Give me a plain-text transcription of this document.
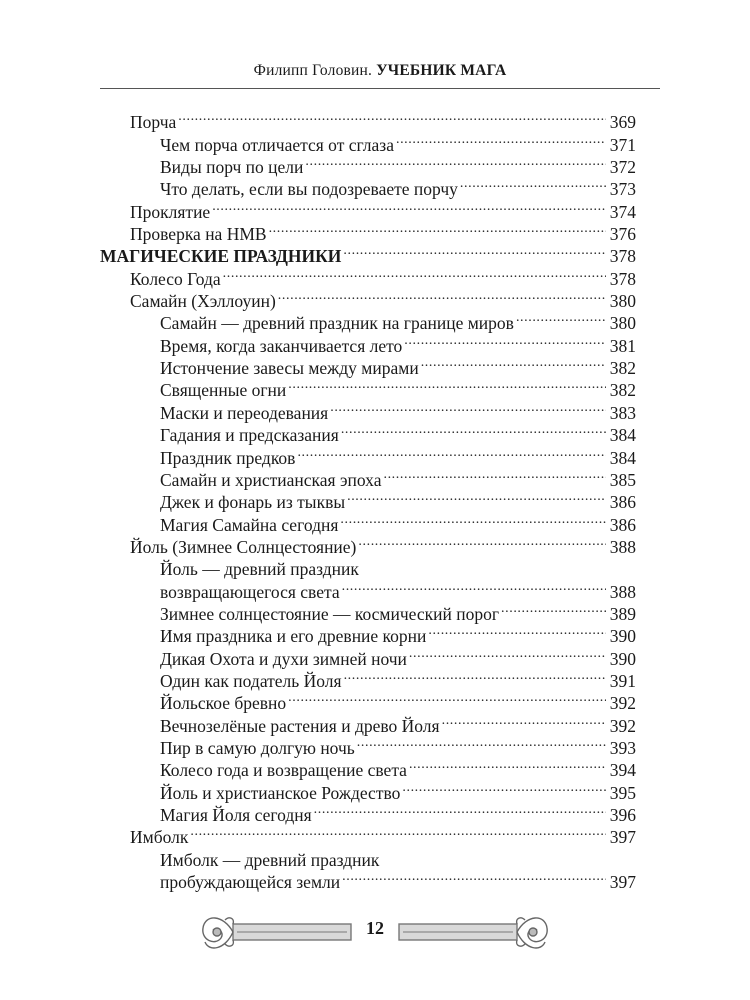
Филипп Головин. УЧЕБНИК МАГА
Порча .....	369
Чем порча отличается от сглаза .....	371
Виды порч по цели .....	372
Что делать, если вы подозреваете порчу .....	373
Проклятие .....	374
Проверка на НМВ .....	376
МАГИЧЕСКИЕ ПРАЗДНИКИ .....	378
Колесо Года .....	378
Самайн (Хэллоуин) .....	380
Самайн — древний праздник на границе миров .....	380
Время, когда заканчивается лето .....	381
Истончение завесы между мирами .....	382
Священные огни .....	382
Маски и переодевания .....	383
Гадания и предсказания .....	384
Праздник предков .....	384
Самайн и христианская эпоха .....	385
Джек и фонарь из тыквы .....	386
Магия Самайна сегодня .....	386
Йоль (Зимнее Солнцестояние) .....	388
Йоль — древний праздник
возвращающегося света .....	388
Зимнее солнцестояние — космический порог .....	389
Имя праздника и его древние корни .....	390
Дикая Охота и духи зимней ночи .....	390
Один как податель Йоля .....	391
Йольское бревно .....	392
Вечнозелёные растения и древо Йоля .....	392
Пир в самую долгую ночь .....	393
Колесо года и возвращение света .....	394
Йоль и христианское Рождество .....	395
Магия Йоля сегодня .....	396
Имболк .....	397
Имболк — древний праздник
пробуждающейся земли .....	397
12
